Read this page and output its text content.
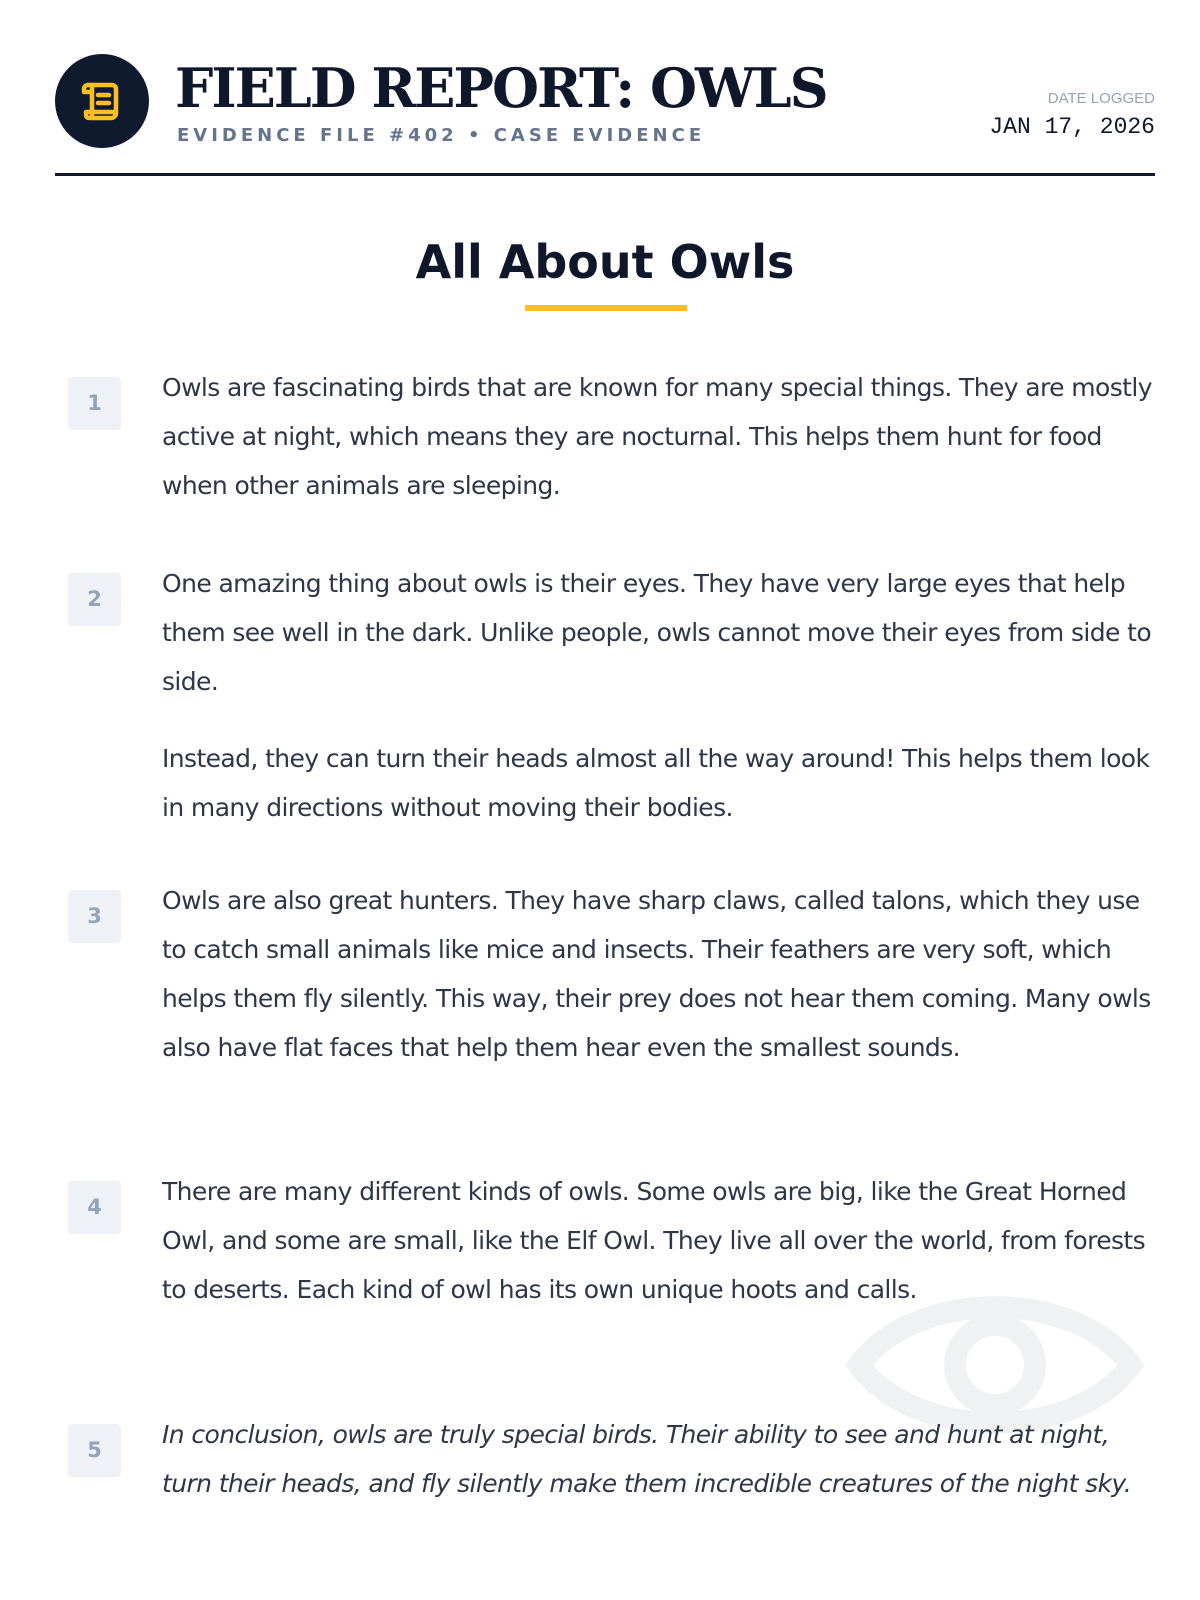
FIELD REPORT: OWLS
EVIDENCE FILE #402 • CASE EVIDENCE
DATE LOGGED
JAN 17, 2026
All About Owls
1

Owls are fascinating birds that are known for many special things. They are mostly active at night, which means they are nocturnal. This helps them hunt for food when other animals are sleeping.

2

One amazing thing about owls is their eyes. They have very large eyes that help them see well in the dark. Unlike people, owls cannot move their eyes from side to side.

Instead, they can turn their heads almost all the way around! This helps them look in many directions without moving their bodies.

3

Owls are also great hunters. They have sharp claws, called talons, which they use to catch small animals like mice and insects. Their feathers are very soft, which helps them fly silently. This way, their prey does not hear them coming. Many owls also have flat faces that help them hear even the smallest sounds.

4

There are many different kinds of owls. Some owls are big, like the Great Horned Owl, and some are small, like the Elf Owl. They live all over the world, from forests to deserts. Each kind of owl has its own unique hoots and calls.

5

In conclusion, owls are truly special birds. Their ability to see and hunt at night, turn their heads, and fly silently make them incredible creatures of the night sky.
